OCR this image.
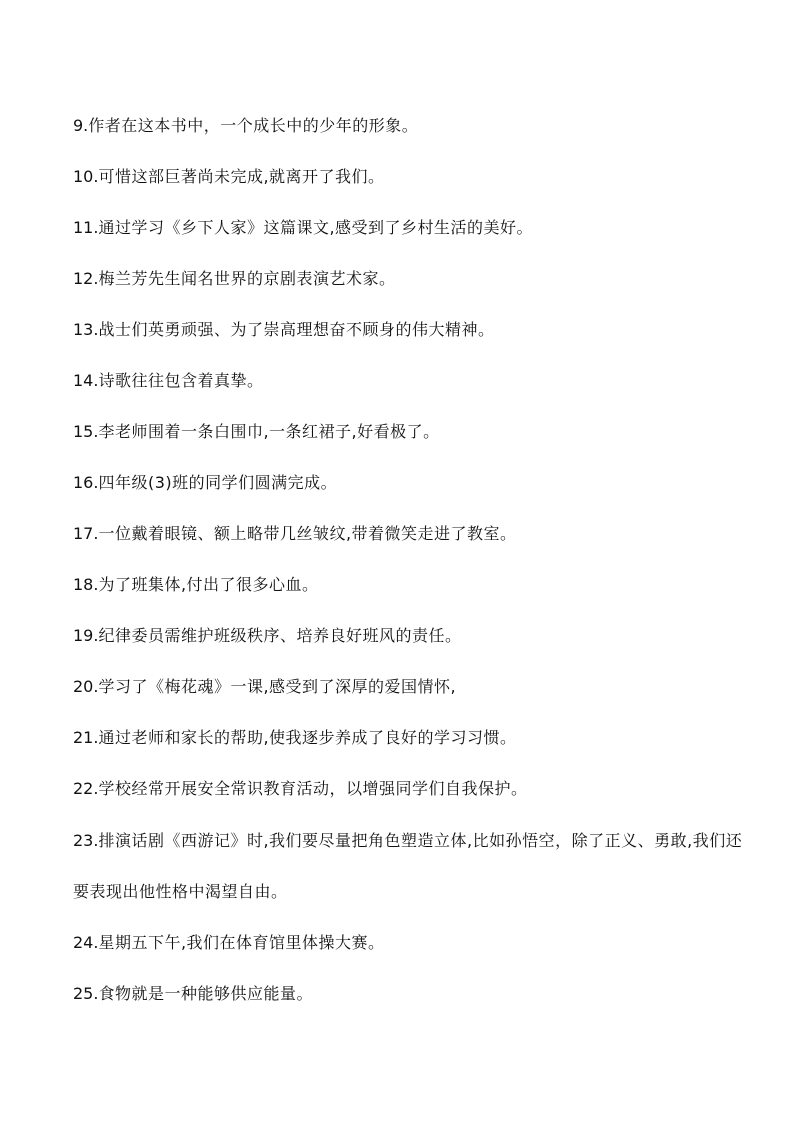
9.作者在这本书中，一个成长中的少年的形象。

10.可惜这部巨著尚未完成,就离开了我们。

11.通过学习《乡下人家》这篇课文,感受到了乡村生活的美好。

12.梅兰芳先生闻名世界的京剧表演艺术家。

13.战士们英勇顽强、为了崇高理想奋不顾身的伟大精神。

14.诗歌往往包含着真挚。

15.李老师围着一条白围巾,一条红裙子,好看极了。

16.四年级(3)班的同学们圆满完成。

17.一位戴着眼镜、额上略带几丝皱纹,带着微笑走进了教室。

18.为了班集体,付出了很多心血。

19.纪律委员需维护班级秩序、培养良好班风的责任。

20.学习了《梅花魂》一课,感受到了深厚的爱国情怀,

21.通过老师和家长的帮助,使我逐步养成了良好的学习习惯。

22.学校经常开展安全常识教育活动，以增强同学们自我保护。

23.排演话剧《西游记》时,我们要尽量把角色塑造立体,比如孙悟空，除了正义、勇敢,我们还要表现出他性格中渴望自由。

24.星期五下午,我们在体育馆里体操大赛。

25.食物就是一种能够供应能量。
